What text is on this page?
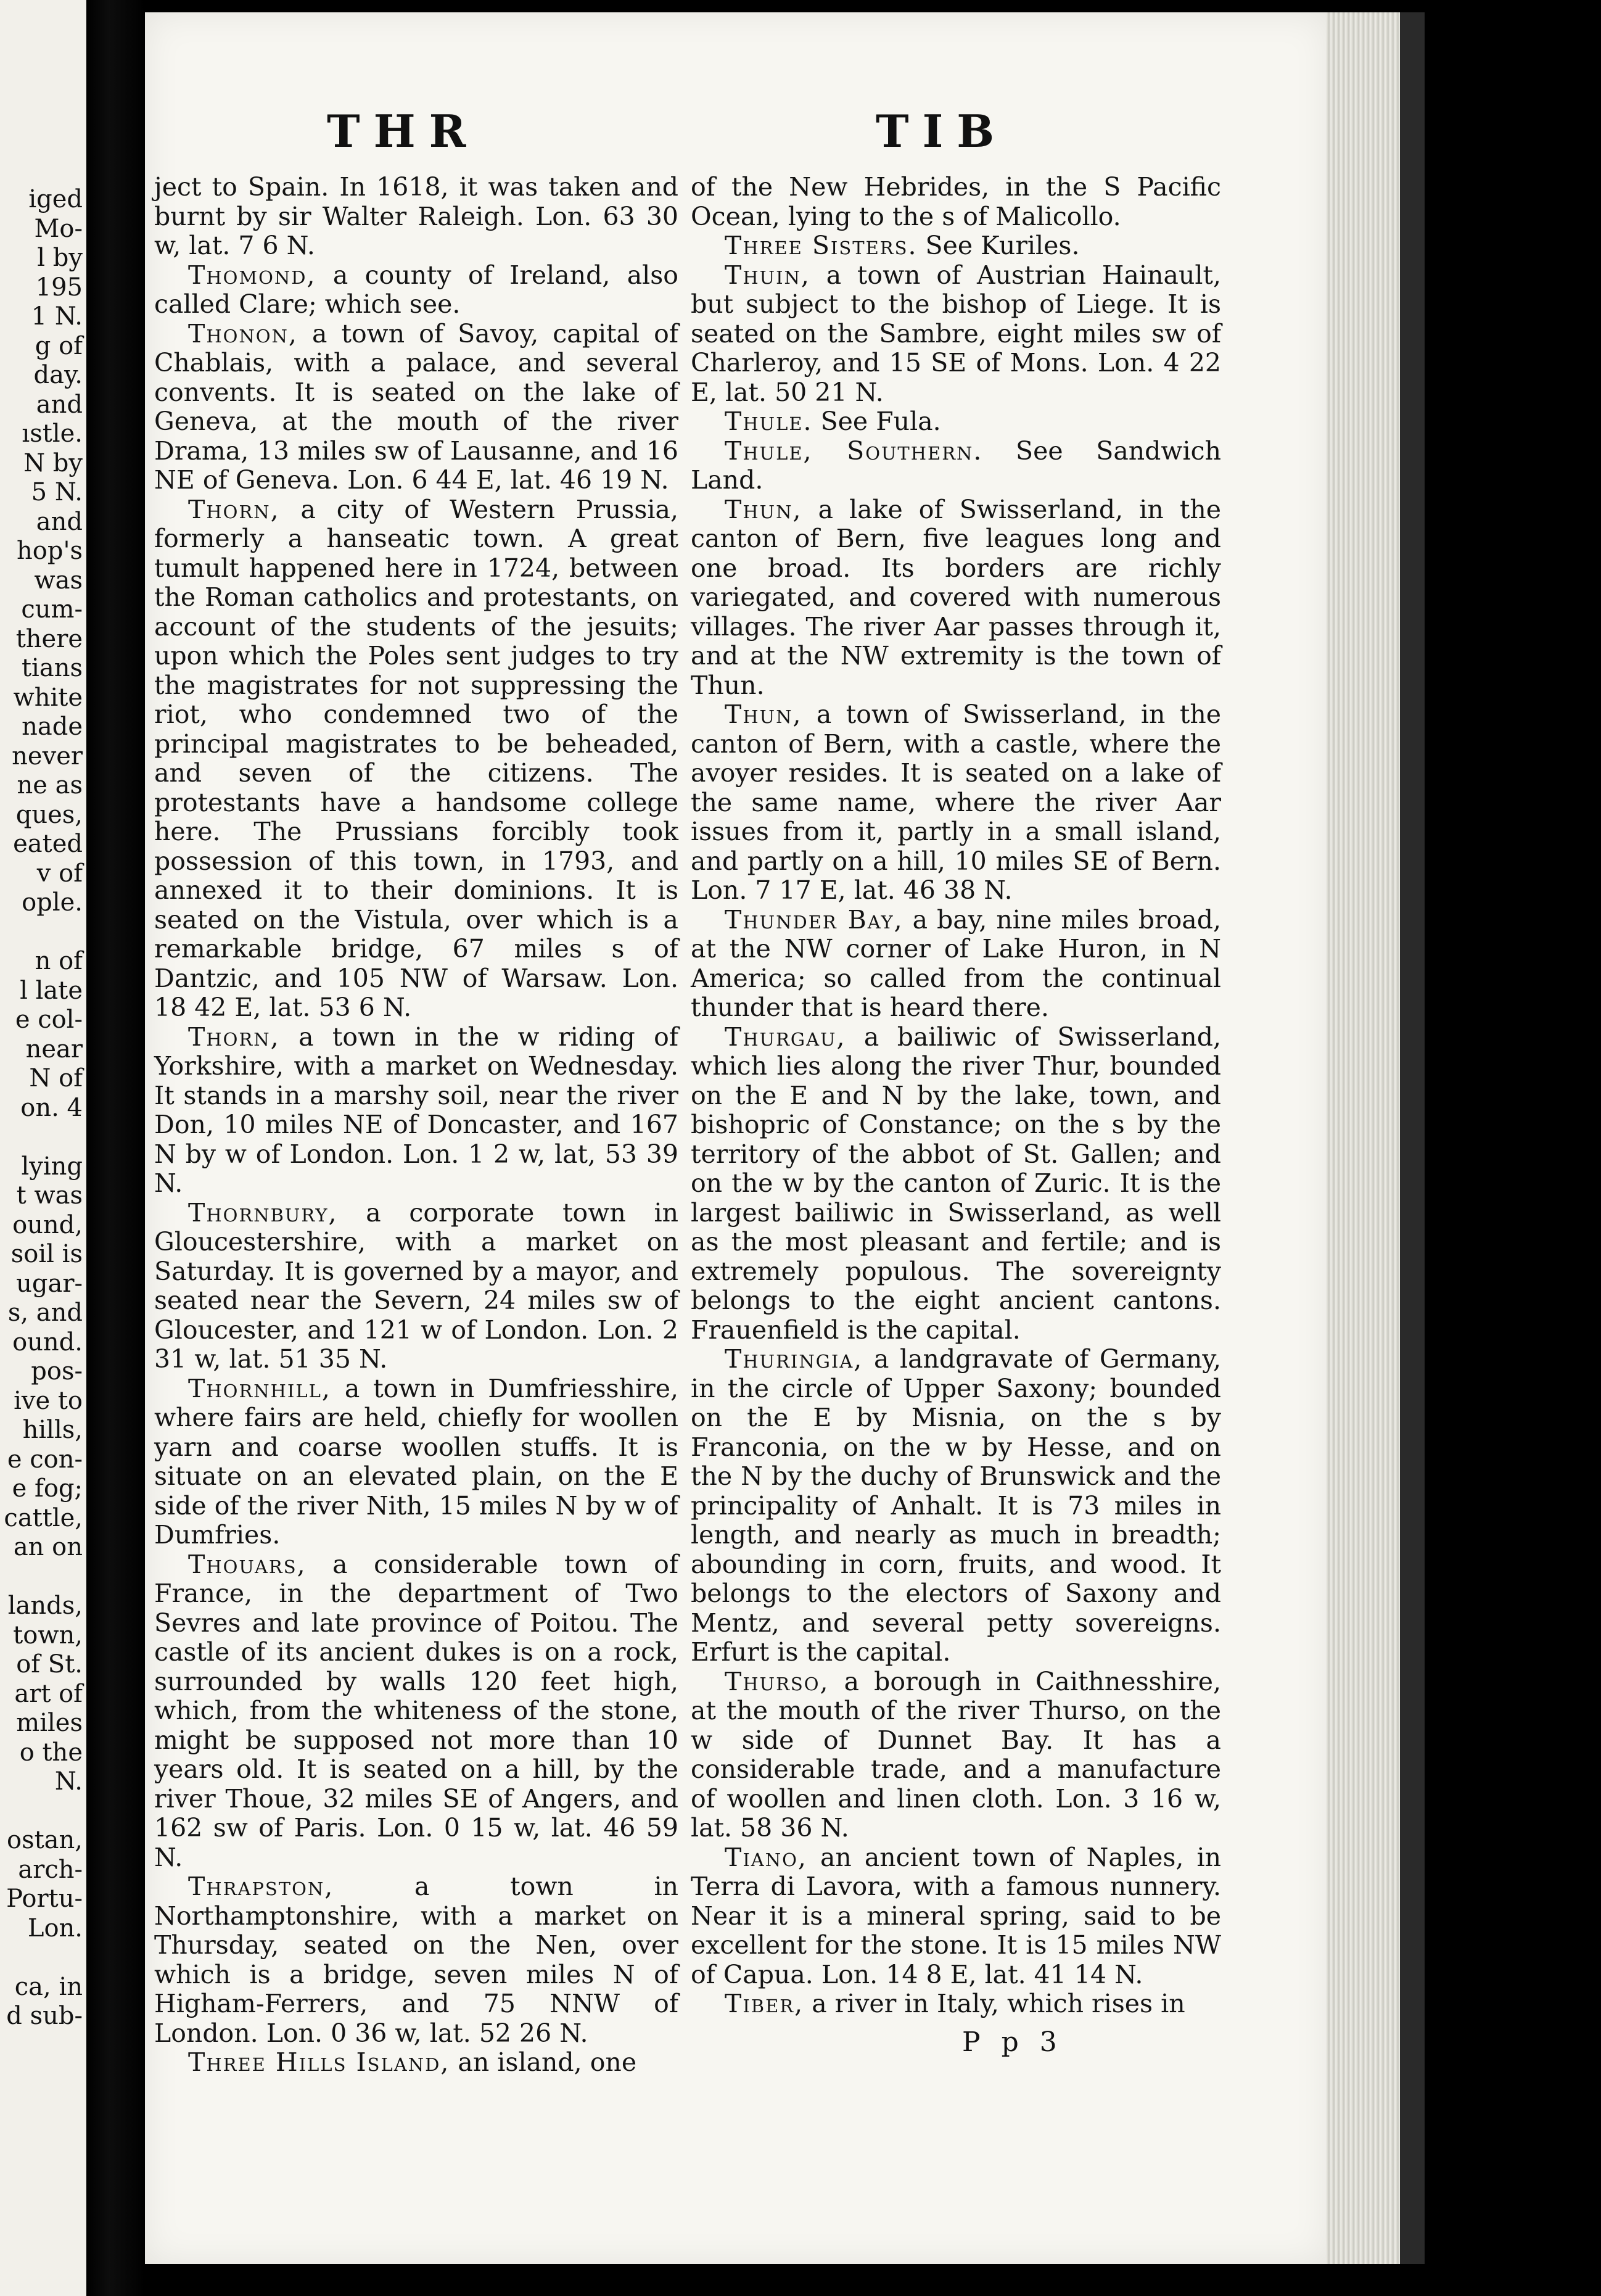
iged
Mo-
l by
195
1 N.
g of
day.
and
ıstle.
N by
5 N.
and
hop's
was
cum-
there
tians
white
nade
never
ne as
ques,
eated
v of
ople.
n of
l late
e col-
near
N of
on. 4
lying
t was
ound,
soil is
ugar-
s, and
ound.
pos-
ive to
hills,
e con-
e fog;
cattle,
an on
lands,
town,
of St.
art of
miles
o the
N.
ostan,
arch-
Portu-
Lon.
ca, in
d sub-
THR	TIB

ject to Spain. In 1618, it was taken and burnt by sir Walter Raleigh. Lon. 63 30 w, lat. 7 6 N.

Thomond, a county of Ireland, also called Clare; which see.

Thonon, a town of Savoy, capital of Chablais, with a palace, and several convents. It is seated on the lake of Geneva, at the mouth of the river Drama, 13 miles sw of Lausanne, and 16 NE of Geneva. Lon. 6 44 E, lat. 46 19 N.

Thorn, a city of Western Prussia, formerly a hanseatic town. A great tumult happened here in 1724, between the Roman catholics and protestants, on account of the students of the jesuits; upon which the Poles sent judges to try the magistrates for not suppressing the riot, who condemned two of the principal magistrates to be beheaded, and seven of the citizens. The protestants have a handsome college here. The Prussians forcibly took possession of this town, in 1793, and annexed it to their dominions. It is seated on the Vistula, over which is a remarkable bridge, 67 miles s of Dantzic, and 105 NW of Warsaw. Lon. 18 42 E, lat. 53 6 N.

Thorn, a town in the w riding of Yorkshire, with a market on Wednesday. It stands in a marshy soil, near the river Don, 10 miles NE of Doncaster, and 167 N by w of London. Lon. 1 2 w, lat, 53 39 N.

Thornbury, a corporate town in Gloucestershire, with a market on Saturday. It is governed by a mayor, and seated near the Severn, 24 miles sw of Gloucester, and 121 w of London. Lon. 2 31 w, lat. 51 35 N.

Thornhill, a town in Dumfriesshire, where fairs are held, chiefly for woollen yarn and coarse woollen stuffs. It is situate on an elevated plain, on the E side of the river Nith, 15 miles N by w of Dumfries.

Thouars, a considerable town of France, in the department of Two Sevres and late province of Poitou. The castle of its ancient dukes is on a rock, surrounded by walls 120 feet high, which, from the whiteness of the stone, might be supposed not more than 10 years old. It is seated on a hill, by the river Thoue, 32 miles SE of Angers, and 162 sw of Paris. Lon. 0 15 w, lat. 46 59 N.

Thrapston, a town in Northamptonshire, with a market on Thursday, seated on the Nen, over which is a bridge, seven miles N of Higham-Ferrers, and 75 NNW of London. Lon. 0 36 w, lat. 52 26 N.

Three Hills Island, an island, one

of the New Hebrides, in the S Pacific Ocean, lying to the s of Malicollo.

Three Sisters. See Kuriles.

Thuin, a town of Austrian Hainault, but subject to the bishop of Liege. It is seated on the Sambre, eight miles sw of Charleroy, and 15 SE of Mons. Lon. 4 22 E, lat. 50 21 N.

Thule. See Fula.

Thule, Southern. See Sandwich Land.

Thun, a lake of Swisserland, in the canton of Bern, five leagues long and one broad. Its borders are richly variegated, and covered with numerous villages. The river Aar passes through it, and at the NW extremity is the town of Thun.

Thun, a town of Swisserland, in the canton of Bern, with a castle, where the avoyer resides. It is seated on a lake of the same name, where the river Aar issues from it, partly in a small island, and partly on a hill, 10 miles SE of Bern. Lon. 7 17 E, lat. 46 38 N.

Thunder Bay, a bay, nine miles broad, at the NW corner of Lake Huron, in N America; so called from the continual thunder that is heard there.

Thurgau, a bailiwic of Swisserland, which lies along the river Thur, bounded on the E and N by the lake, town, and bishopric of Constance; on the s by the territory of the abbot of St. Gallen; and on the w by the canton of Zuric. It is the largest bailiwic in Swisserland, as well as the most pleasant and fertile; and is extremely populous. The sovereignty belongs to the eight ancient cantons. Frauenfield is the capital.

Thuringia, a landgravate of Germany, in the circle of Upper Saxony; bounded on the E by Misnia, on the s by Franconia, on the w by Hesse, and on the N by the duchy of Brunswick and the principality of Anhalt. It is 73 miles in length, and nearly as much in breadth; abounding in corn, fruits, and wood. It belongs to the electors of Saxony and Mentz, and several petty sovereigns. Erfurt is the capital.

Thurso, a borough in Caithnesshire, at the mouth of the river Thurso, on the w side of Dunnet Bay. It has a considerable trade, and a manufacture of woollen and linen cloth. Lon. 3 16 w, lat. 58 36 N.

Tiano, an ancient town of Naples, in Terra di Lavora, with a famous nunnery. Near it is a mineral spring, said to be excellent for the stone. It is 15 miles NW of Capua. Lon. 14 8 E, lat. 41 14 N.

Tiber, a river in Italy, which rises in

P p 3
